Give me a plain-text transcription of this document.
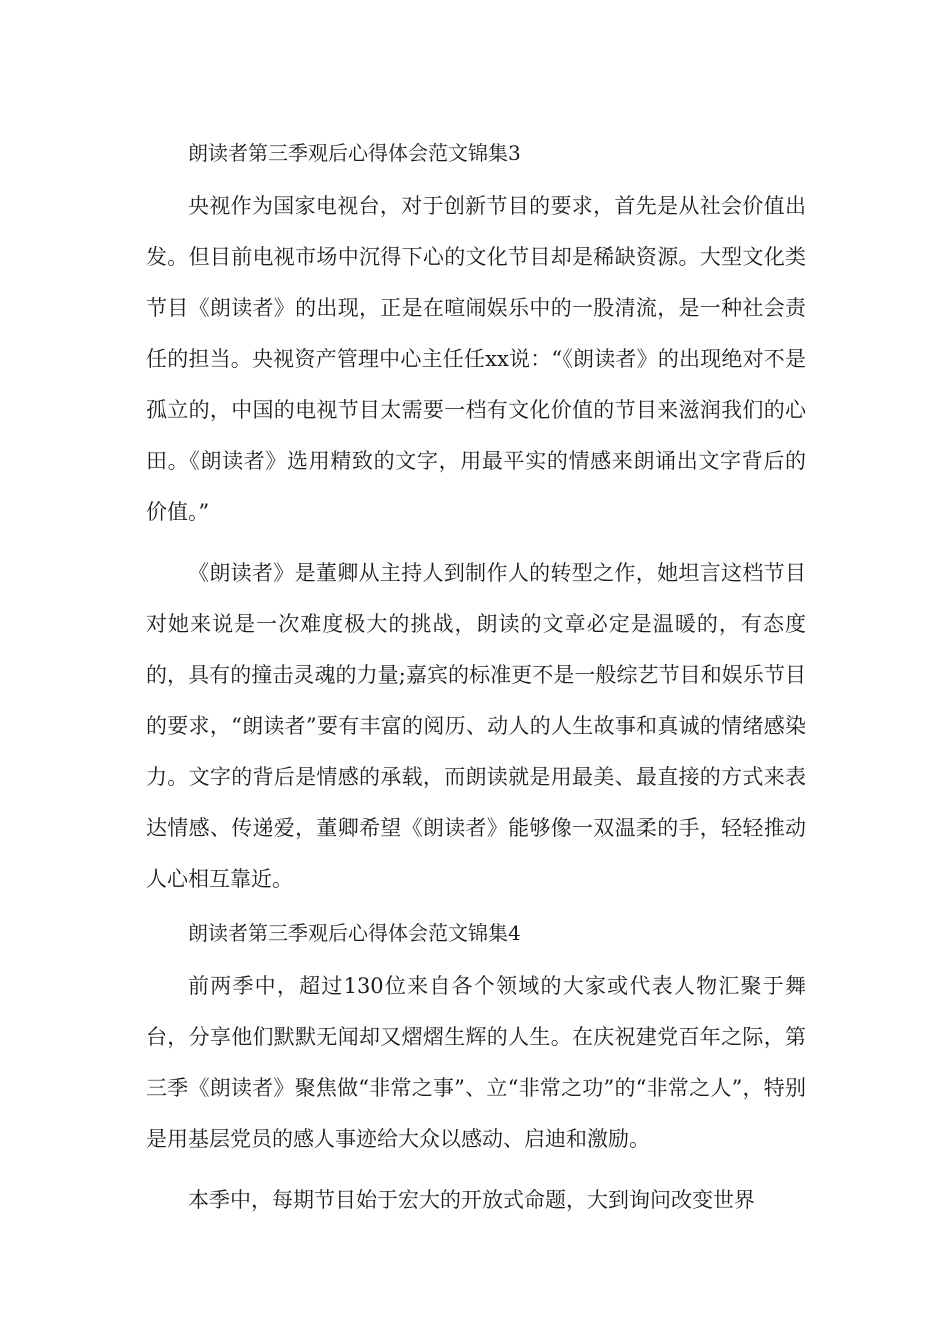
朗读者第三季观后心得体会范文锦集3

央视作为国家电视台，对于创新节目的要求，首先是从社会价值出发。但目前电视市场中沉得下心的文化节目却是稀缺资源。大型文化类节目《朗读者》的出现，正是在喧闹娱乐中的一股清流，是一种社会责任的担当。央视资产管理中心主任任xx说：“《朗读者》的出现绝对不是孤立的，中国的电视节目太需要一档有文化价值的节目来滋润我们的心田。《朗读者》选用精致的文字，用最平实的情感来朗诵出文字背后的价值。”

《朗读者》是董卿从主持人到制作人的转型之作，她坦言这档节目对她来说是一次难度极大的挑战，朗读的文章必定是温暖的，有态度的，具有的撞击灵魂的力量;嘉宾的标准更不是一般综艺节目和娱乐节目的要求，“朗读者”要有丰富的阅历、动人的人生故事和真诚的情绪感染力。文字的背后是情感的承载，而朗读就是用最美、最直接的方式来表达情感、传递爱，董卿希望《朗读者》能够像一双温柔的手，轻轻推动人心相互靠近。

朗读者第三季观后心得体会范文锦集4

前两季中，超过130位来自各个领域的大家或代表人物汇聚于舞台，分享他们默默无闻却又熠熠生辉的人生。在庆祝建党百年之际，第三季《朗读者》聚焦做“非常之事”、立“非常之功”的“非常之人”，特别是用基层党员的感人事迹给大众以感动、启迪和激励。

本季中，每期节目始于宏大的开放式命题，大到询问改变世界
